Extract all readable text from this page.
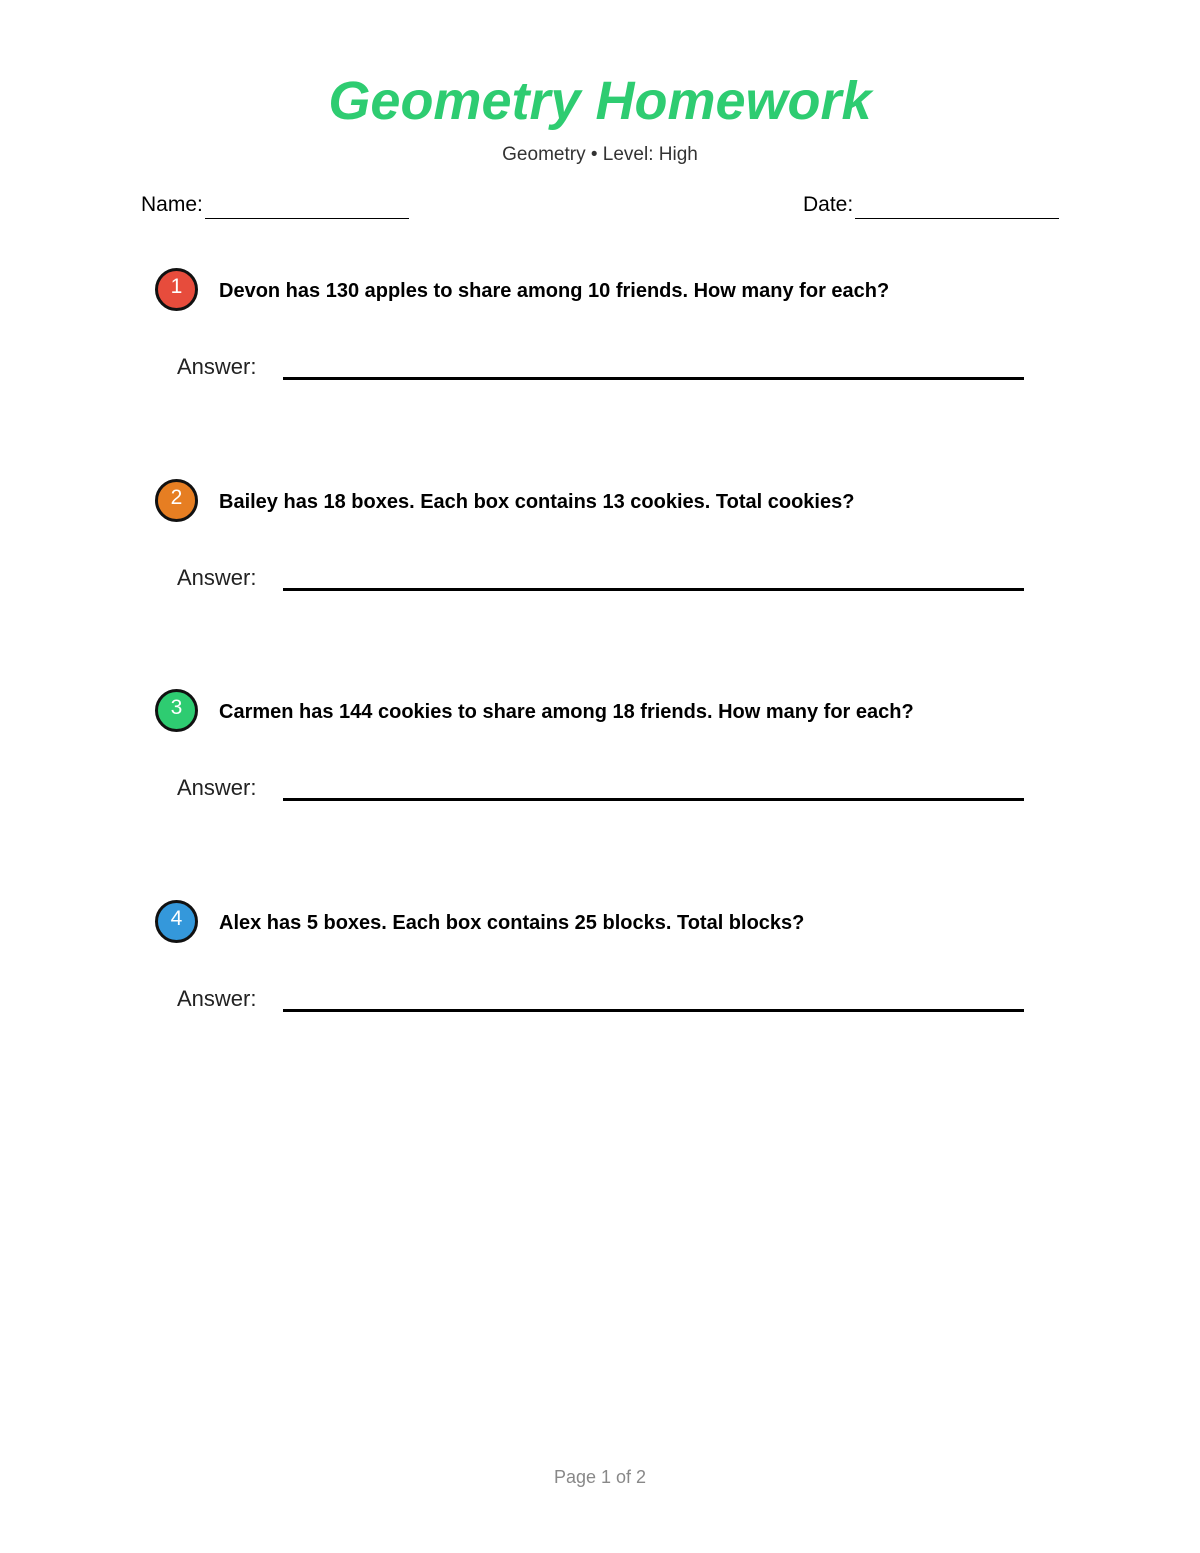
Geometry Homework
Geometry • Level: High
Name:	Date:
1	Devon has 130 apples to share among 10 friends. How many for each?
Answer:
2	Bailey has 18 boxes. Each box contains 13 cookies. Total cookies?
Answer:
3	Carmen has 144 cookies to share among 18 friends. How many for each?
Answer:
4	Alex has 5 boxes. Each box contains 25 blocks. Total blocks?
Answer:
Page 1 of 2
